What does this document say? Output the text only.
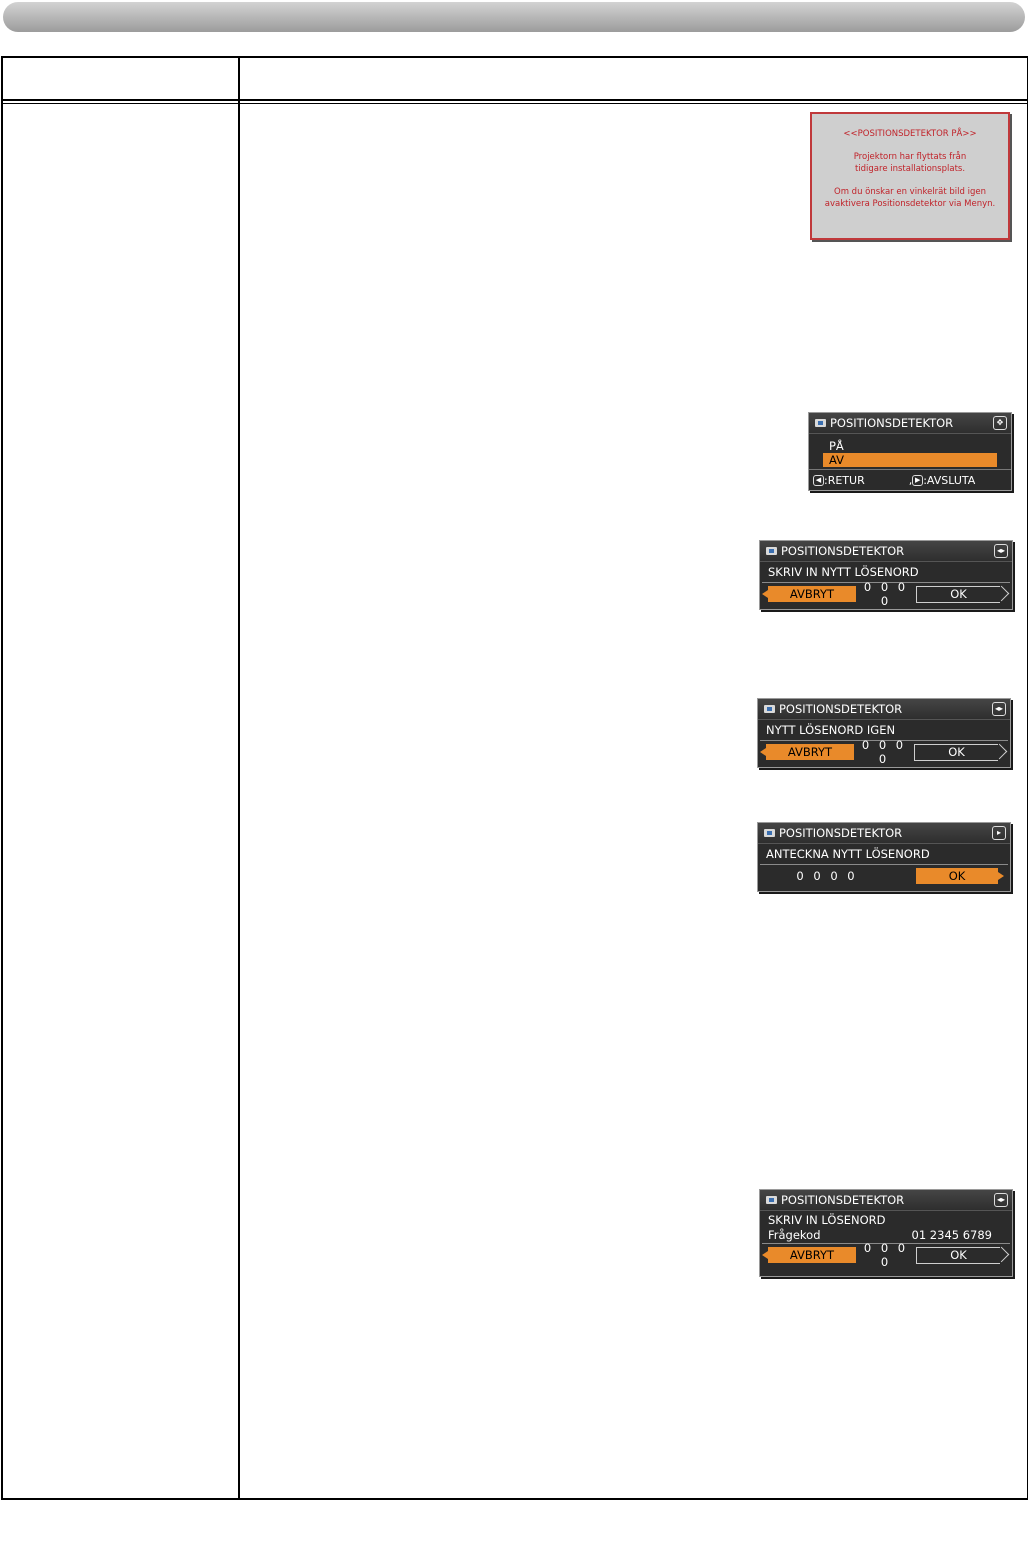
<<POSITIONSDETEKTOR PÅ>>

Projektorn har flyttats från

tidigare installationsplats.

Om du önskar en vinkelrät bild igen
avaktivera Positionsdetektor via Menyn.
POSITIONSDETEKTOR	✥
PÅ
AV
◀ :RETUR	, ▶ :AVSLUTA
POSITIONSDETEKTOR	◂▸
SKRIV IN NYTT LÖSENORD
AVBRYT	0 0 0 0	OK
POSITIONSDETEKTOR	◂▸
NYTT LÖSENORD IGEN
AVBRYT	0 0 0 0	OK
POSITIONSDETEKTOR	▸
ANTECKNA NYTT LÖSENORD
0 0 0 0	OK
POSITIONSDETEKTOR	◂▸
SKRIV IN LÖSENORD
Frågekod	01 2345 6789
AVBRYT	0 0 0 0	OK
